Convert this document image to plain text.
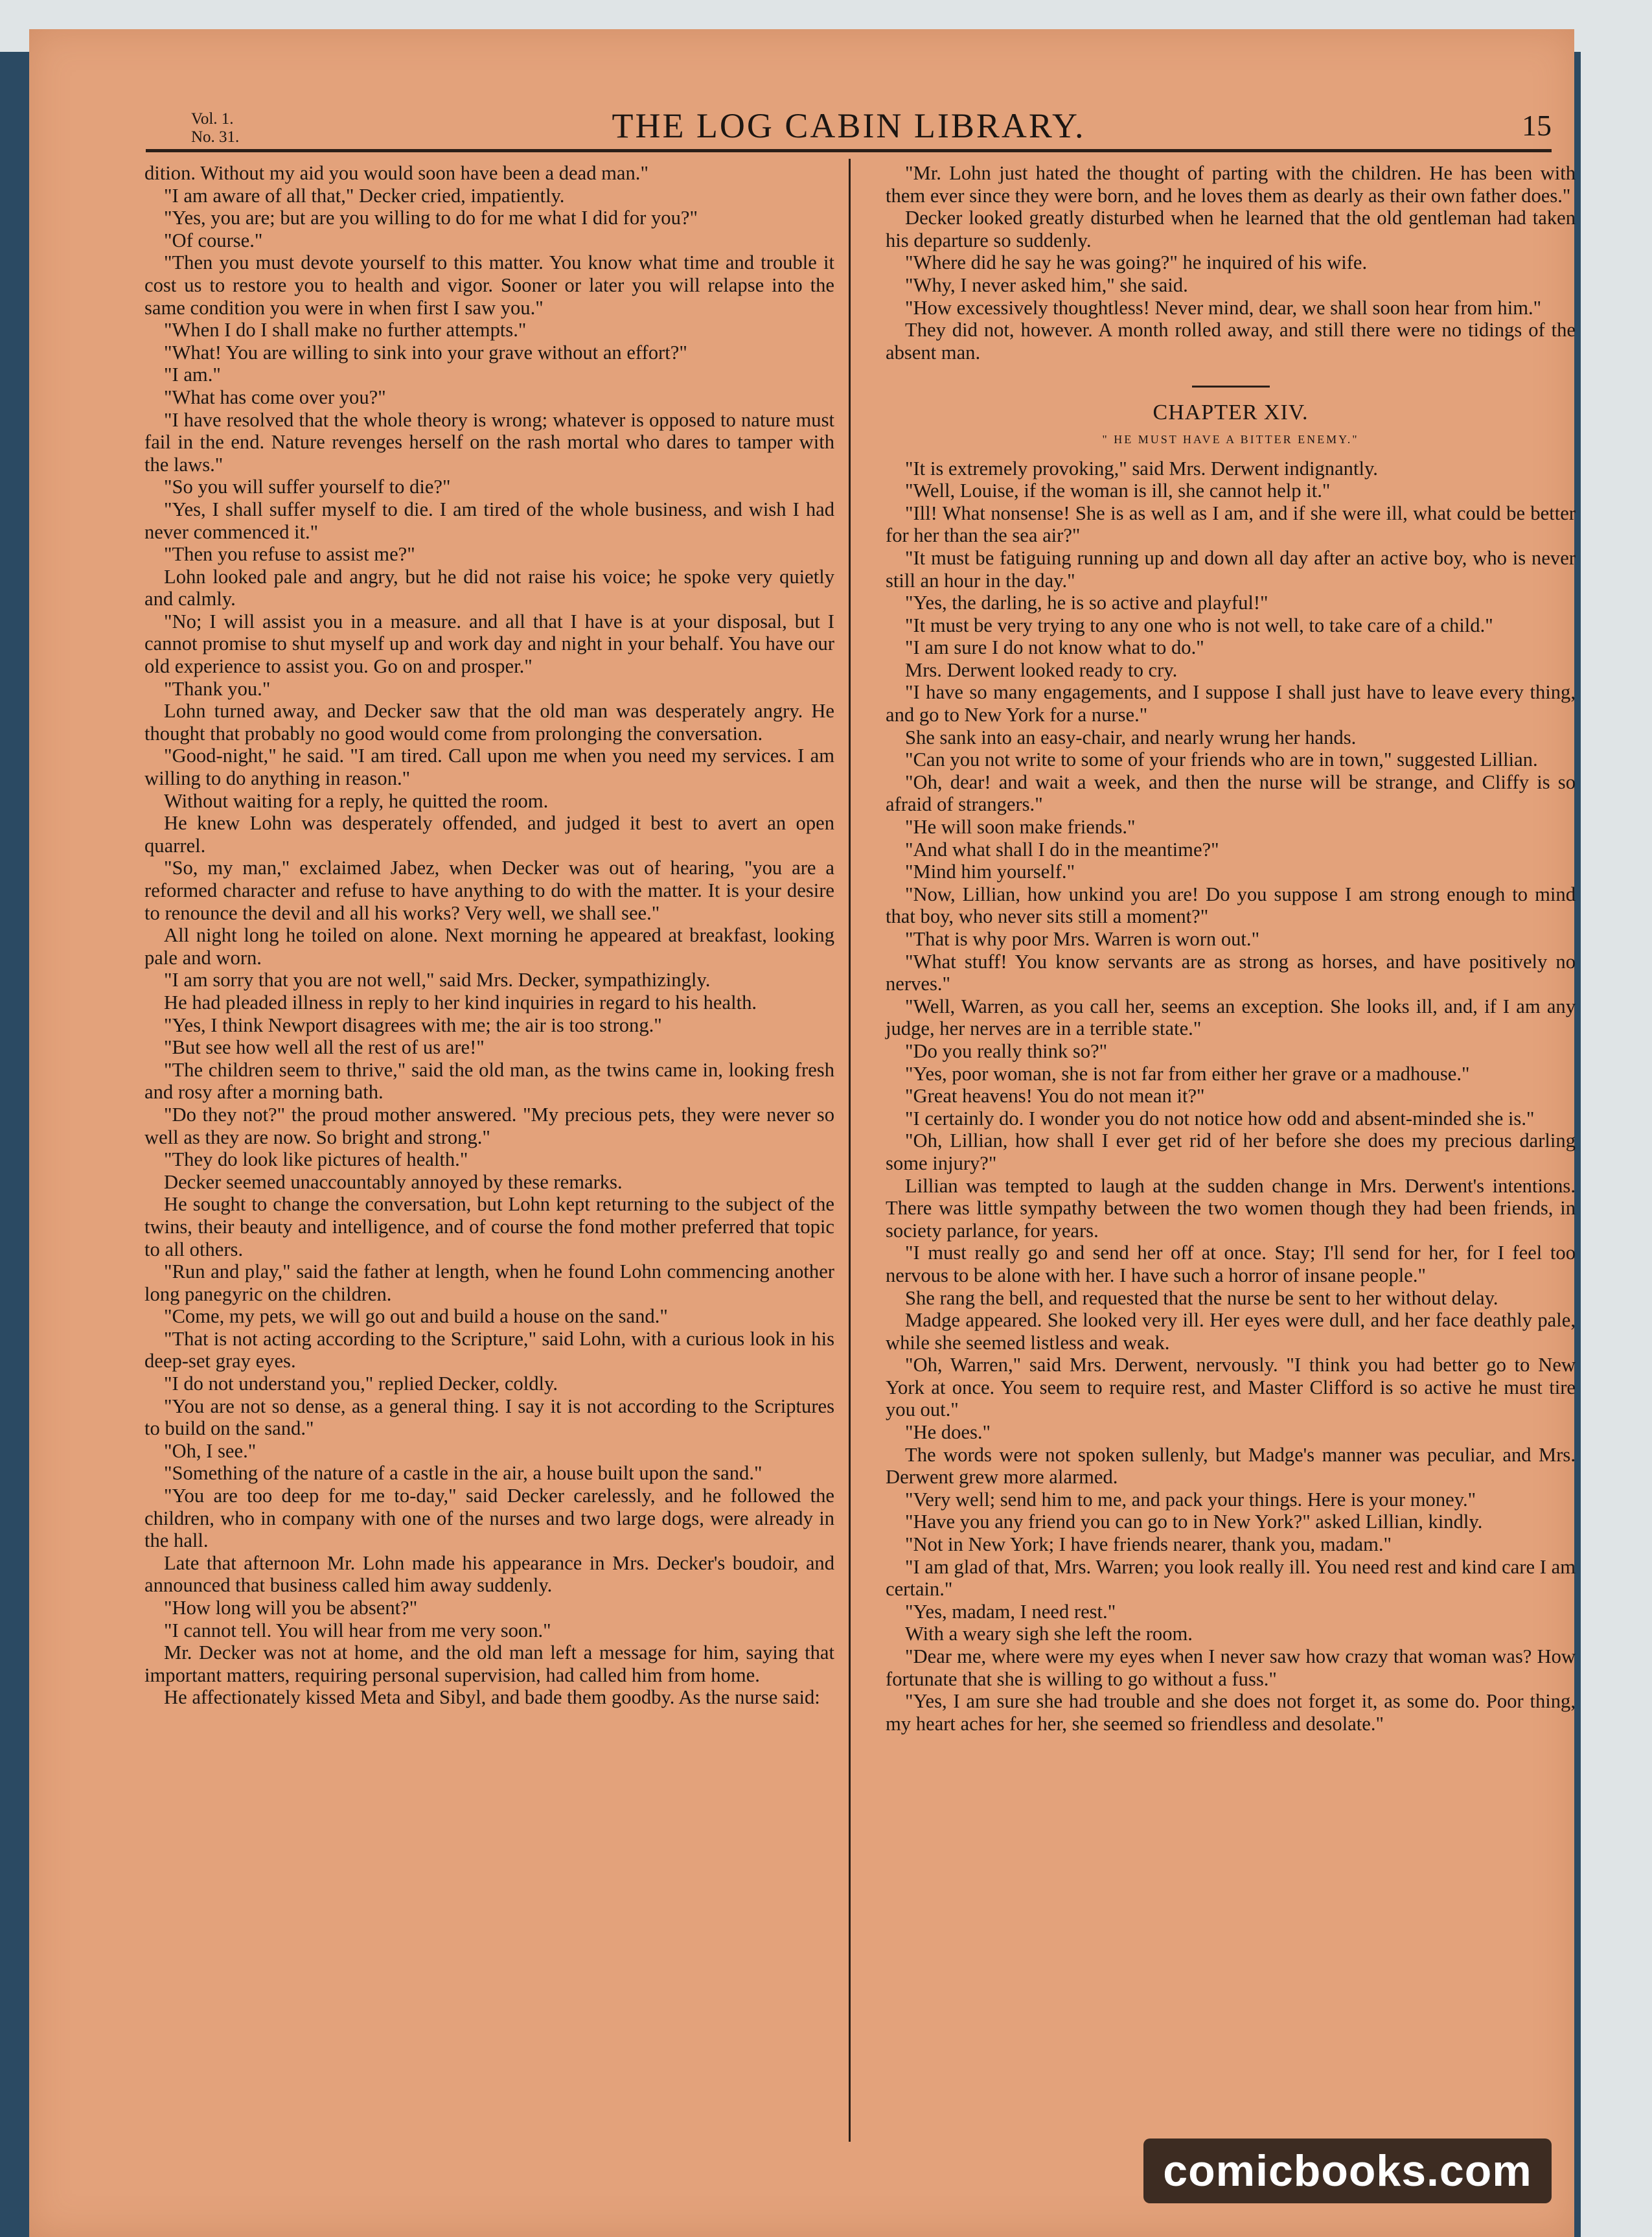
Vol. 1.
No. 31.	THE LOG CABIN LIBRARY.	15

dition. Without my aid you would soon have been a dead man."

"I am aware of all that," Decker cried, impatiently.

"Yes, you are; but are you willing to do for me what I did for you?"

"Of course."

"Then you must devote yourself to this matter. You know what time and trouble it cost us to restore you to health and vigor. Sooner or later you will relapse into the same condition you were in when first I saw you."

"When I do I shall make no further attempts."

"What! You are willing to sink into your grave without an effort?"

"I am."

"What has come over you?"

"I have resolved that the whole theory is wrong; whatever is opposed to nature must fail in the end. Nature revenges herself on the rash mortal who dares to tamper with the laws."

"So you will suffer yourself to die?"

"Yes, I shall suffer myself to die. I am tired of the whole business, and wish I had never commenced it."

"Then you refuse to assist me?"

Lohn looked pale and angry, but he did not raise his voice; he spoke very quietly and calmly.

"No; I will assist you in a measure. and all that I have is at your disposal, but I cannot promise to shut myself up and work day and night in your behalf. You have our old experience to assist you. Go on and prosper."

"Thank you."

Lohn turned away, and Decker saw that the old man was desperately angry. He thought that probably no good would come from prolonging the conversation.

"Good-night," he said. "I am tired. Call upon me when you need my services. I am willing to do anything in reason."

Without waiting for a reply, he quitted the room.

He knew Lohn was desperately offended, and judged it best to avert an open quarrel.

"So, my man," exclaimed Jabez, when Decker was out of hearing, "you are a reformed character and refuse to have anything to do with the matter. It is your desire to renounce the devil and all his works? Very well, we shall see."

All night long he toiled on alone. Next morning he appeared at breakfast, looking pale and worn.

"I am sorry that you are not well," said Mrs. Decker, sympathizingly.

He had pleaded illness in reply to her kind inquiries in regard to his health.

"Yes, I think Newport disagrees with me; the air is too strong."

"But see how well all the rest of us are!"

"The children seem to thrive," said the old man, as the twins came in, looking fresh and rosy after a morning bath.

"Do they not?" the proud mother answered. "My precious pets, they were never so well as they are now. So bright and strong."

"They do look like pictures of health."

Decker seemed unaccountably annoyed by these remarks.

He sought to change the conversation, but Lohn kept returning to the subject of the twins, their beauty and intelligence, and of course the fond mother preferred that topic to all others.

"Run and play," said the father at length, when he found Lohn commencing another long panegyric on the children.

"Come, my pets, we will go out and build a house on the sand."

"That is not acting according to the Scripture," said Lohn, with a curious look in his deep-set gray eyes.

"I do not understand you," replied Decker, coldly.

"You are not so dense, as a general thing. I say it is not according to the Scriptures to build on the sand."

"Oh, I see."

"Something of the nature of a castle in the air, a house built upon the sand."

"You are too deep for me to-day," said Decker carelessly, and he followed the children, who in company with one of the nurses and two large dogs, were already in the hall.

Late that afternoon Mr. Lohn made his appearance in Mrs. Decker's boudoir, and announced that business called him away suddenly.

"How long will you be absent?"

"I cannot tell. You will hear from me very soon."

Mr. Decker was not at home, and the old man left a message for him, saying that important matters, requiring personal supervision, had called him from home.

He affectionately kissed Meta and Sibyl, and bade them goodby. As the nurse said:

"Mr. Lohn just hated the thought of parting with the children. He has been with them ever since they were born, and he loves them as dearly as their own father does."

Decker looked greatly disturbed when he learned that the old gentleman had taken his departure so suddenly.

"Where did he say he was going?" he inquired of his wife.

"Why, I never asked him," she said.

"How excessively thoughtless! Never mind, dear, we shall soon hear from him."

They did not, however. A month rolled away, and still there were no tidings of the absent man.

CHAPTER XIV.
" HE MUST HAVE A BITTER ENEMY."

"It is extremely provoking," said Mrs. Derwent indignantly.

"Well, Louise, if the woman is ill, she cannot help it."

"Ill! What nonsense! She is as well as I am, and if she were ill, what could be better for her than the sea air?"

"It must be fatiguing running up and down all day after an active boy, who is never still an hour in the day."

"Yes, the darling, he is so active and playful!"

"It must be very trying to any one who is not well, to take care of a child."

"I am sure I do not know what to do."

Mrs. Derwent looked ready to cry.

"I have so many engagements, and I suppose I shall just have to leave every thing, and go to New York for a nurse."

She sank into an easy-chair, and nearly wrung her hands.

"Can you not write to some of your friends who are in town," suggested Lillian.

"Oh, dear! and wait a week, and then the nurse will be strange, and Cliffy is so afraid of strangers."

"He will soon make friends."

"And what shall I do in the meantime?"

"Mind him yourself."

"Now, Lillian, how unkind you are! Do you suppose I am strong enough to mind that boy, who never sits still a moment?"

"That is why poor Mrs. Warren is worn out."

"What stuff! You know servants are as strong as horses, and have positively no nerves."

"Well, Warren, as you call her, seems an exception. She looks ill, and, if I am any judge, her nerves are in a terrible state."

"Do you really think so?"

"Yes, poor woman, she is not far from either her grave or a madhouse."

"Great heavens! You do not mean it?"

"I certainly do. I wonder you do not notice how odd and absent-minded she is."

"Oh, Lillian, how shall I ever get rid of her before she does my precious darling some injury?"

Lillian was tempted to laugh at the sudden change in Mrs. Derwent's intentions. There was little sympathy between the two women though they had been friends, in society parlance, for years.

"I must really go and send her off at once. Stay; I'll send for her, for I feel too nervous to be alone with her. I have such a horror of insane people."

She rang the bell, and requested that the nurse be sent to her without delay.

Madge appeared. She looked very ill. Her eyes were dull, and her face deathly pale, while she seemed listless and weak.

"Oh, Warren," said Mrs. Derwent, nervously. "I think you had better go to New York at once. You seem to require rest, and Master Clifford is so active he must tire you out."

"He does."

The words were not spoken sullenly, but Madge's manner was peculiar, and Mrs. Derwent grew more alarmed.

"Very well; send him to me, and pack your things. Here is your money."

"Have you any friend you can go to in New York?" asked Lillian, kindly.

"Not in New York; I have friends nearer, thank you, madam."

"I am glad of that, Mrs. Warren; you look really ill. You need rest and kind care I am certain."

"Yes, madam, I need rest."

With a weary sigh she left the room.

"Dear me, where were my eyes when I never saw how crazy that woman was? How fortunate that she is willing to go without a fuss."

"Yes, I am sure she had trouble and she does not forget it, as some do. Poor thing, my heart aches for her, she seemed so friendless and desolate."

comicbooks.com
